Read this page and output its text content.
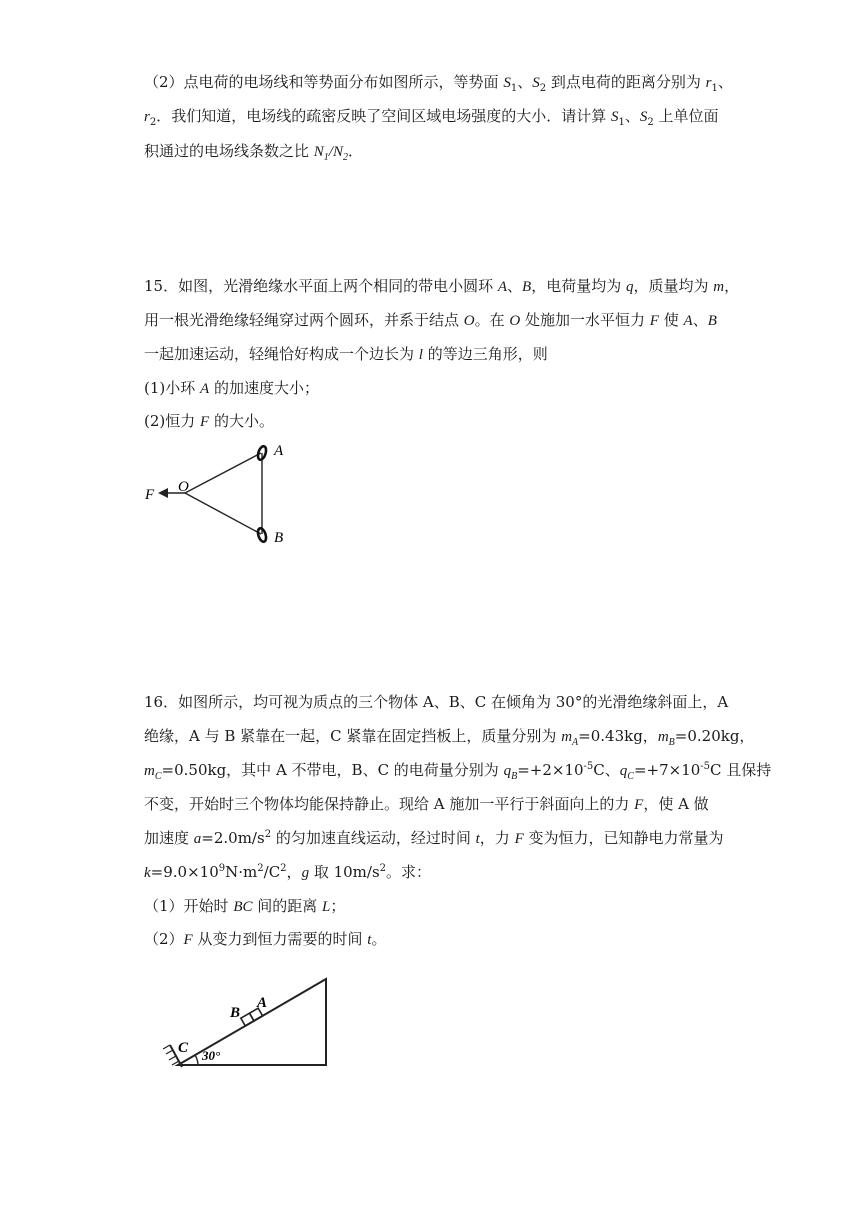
（2）点电荷的电场线和等势面分布如图所示，等势面 $S_1$、$S_2$ 到点电荷的距离分别为 $r_1$、
$r_2$．我们知道，电场线的疏密反映了空间区域电场强度的大小．请计算 $S_1$、$S_2$ 上单位面
积通过的电场线条数之比 $N_1/N_2$．
15．如图，光滑绝缘水平面上两个相同的带电小圆环 A、B，电荷量均为 q，质量均为 m，
用一根光滑绝缘轻绳穿过两个圆环，并系于结点 O。在 O 处施加一水平恒力 F 使 A、B
一起加速运动，轻绳恰好构成一个边长为 l 的等边三角形，则
(1)小环 A 的加速度大小；
(2)恒力 F 的大小。
F O
A
B
16．如图所示，均可视为质点的三个物体 A、B、C 在倾角为 30°的光滑绝缘斜面上，A
绝缘，A 与 B 紧靠在一起，C 紧靠在固定挡板上，质量分别为 $m_A=0.43kg$，$m_B=0.20kg$，
$m_C=0.50kg$，其中 A 不带电，B、C 的电荷量分别为 $q_B=+2\times 10^{-5}C$、$q_C=+7\times 10^{-5}C$ 且保持
不变，开始时三个物体均能保持静止。现给 A 施加一平行于斜面向上的力 F，使 A 做
加速度 $a=2.0m/s^2$ 的匀加速直线运动，经过时间 t，力 F 变为恒力，已知静电力常量为
$k=9.0\times 10^9N\cdot m^2/C^2$，g 取 $10m/s^2$。求：
（1）开始时 BC 间的距离 L；
（2）F 从变力到恒力需要的时间 t。
C
B
A
30°
